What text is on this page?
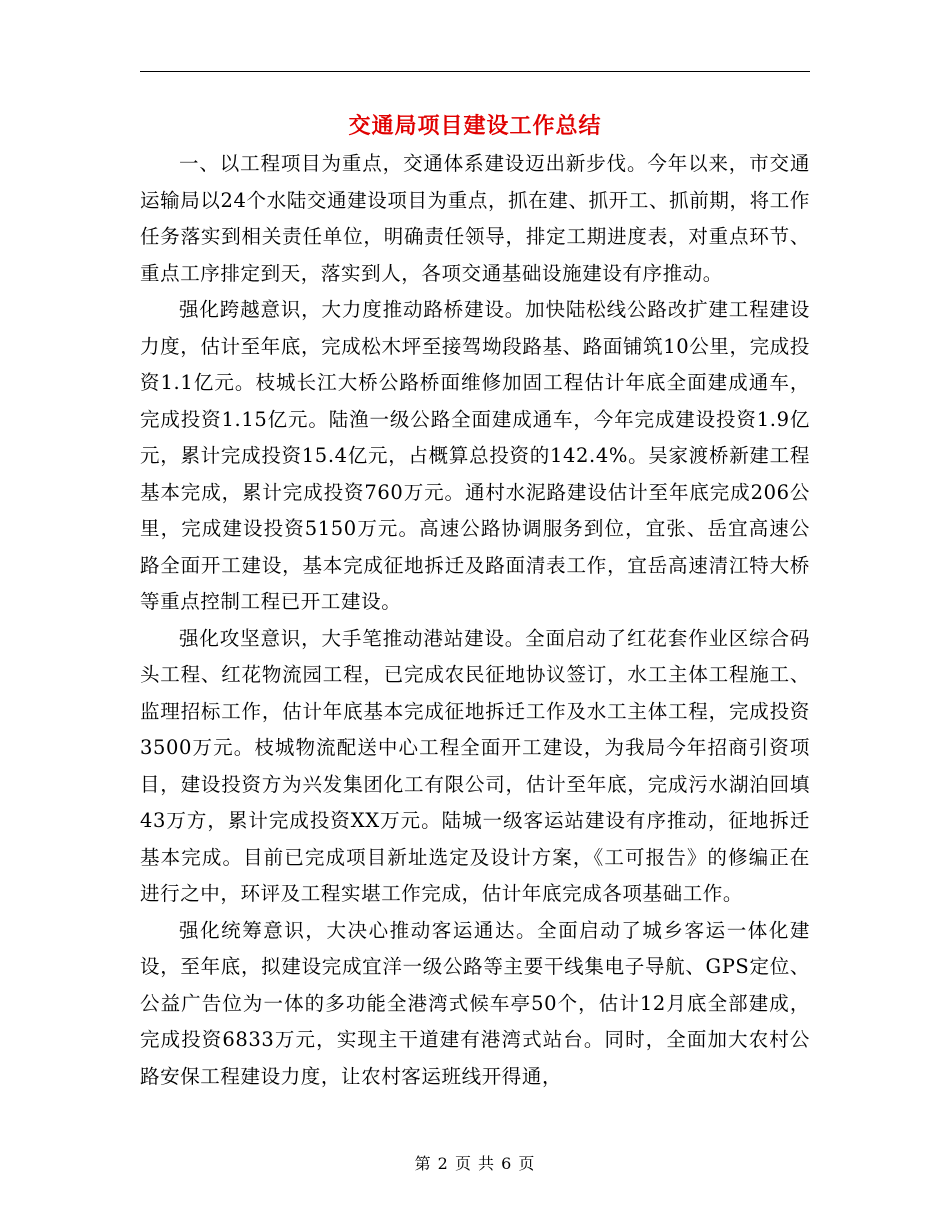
交通局项目建设工作总结

一、以工程项目为重点，交通体系建设迈出新步伐。今年以来，市交通运输局以24个水陆交通建设项目为重点，抓在建、抓开工、抓前期，将工作任务落实到相关责任单位，明确责任领导，排定工期进度表，对重点环节、重点工序排定到天，落实到人，各项交通基础设施建设有序推动。

强化跨越意识，大力度推动路桥建设。加快陆松线公路改扩建工程建设力度，估计至年底，完成松木坪至接驾坳段路基、路面铺筑10公里，完成投资1.1亿元。枝城长江大桥公路桥面维修加固工程估计年底全面建成通车，完成投资1.15亿元。陆渔一级公路全面建成通车，今年完成建设投资1.9亿元，累计完成投资15.4亿元，占概算总投资的142.4%。吴家渡桥新建工程基本完成，累计完成投资760万元。通村水泥路建设估计至年底完成206公里，完成建设投资5150万元。高速公路协调服务到位，宜张、岳宜高速公路全面开工建设，基本完成征地拆迁及路面清表工作，宜岳高速清江特大桥等重点控制工程已开工建设。

强化攻坚意识，大手笔推动港站建设。全面启动了红花套作业区综合码头工程、红花物流园工程，已完成农民征地协议签订，水工主体工程施工、监理招标工作，估计年底基本完成征地拆迁工作及水工主体工程，完成投资3500万元。枝城物流配送中心工程全面开工建设，为我局今年招商引资项目，建设投资方为兴发集团化工有限公司，估计至年底，完成污水湖泊回填43万方，累计完成投资XX万元。陆城一级客运站建设有序推动，征地拆迁基本完成。目前已完成项目新址选定及设计方案，《工可报告》的修编正在进行之中，环评及工程实堪工作完成，估计年底完成各项基础工作。

强化统筹意识，大决心推动客运通达。全面启动了城乡客运一体化建设，至年底，拟建设完成宜洋一级公路等主要干线集电子导航、GPS定位、公益广告位为一体的多功能全港湾式候车亭50个，估计12月底全部建成，完成投资6833万元，实现主干道建有港湾式站台。同时，全面加大农村公路安保工程建设力度，让农村客运班线开得通，

第 2 页 共 6 页
